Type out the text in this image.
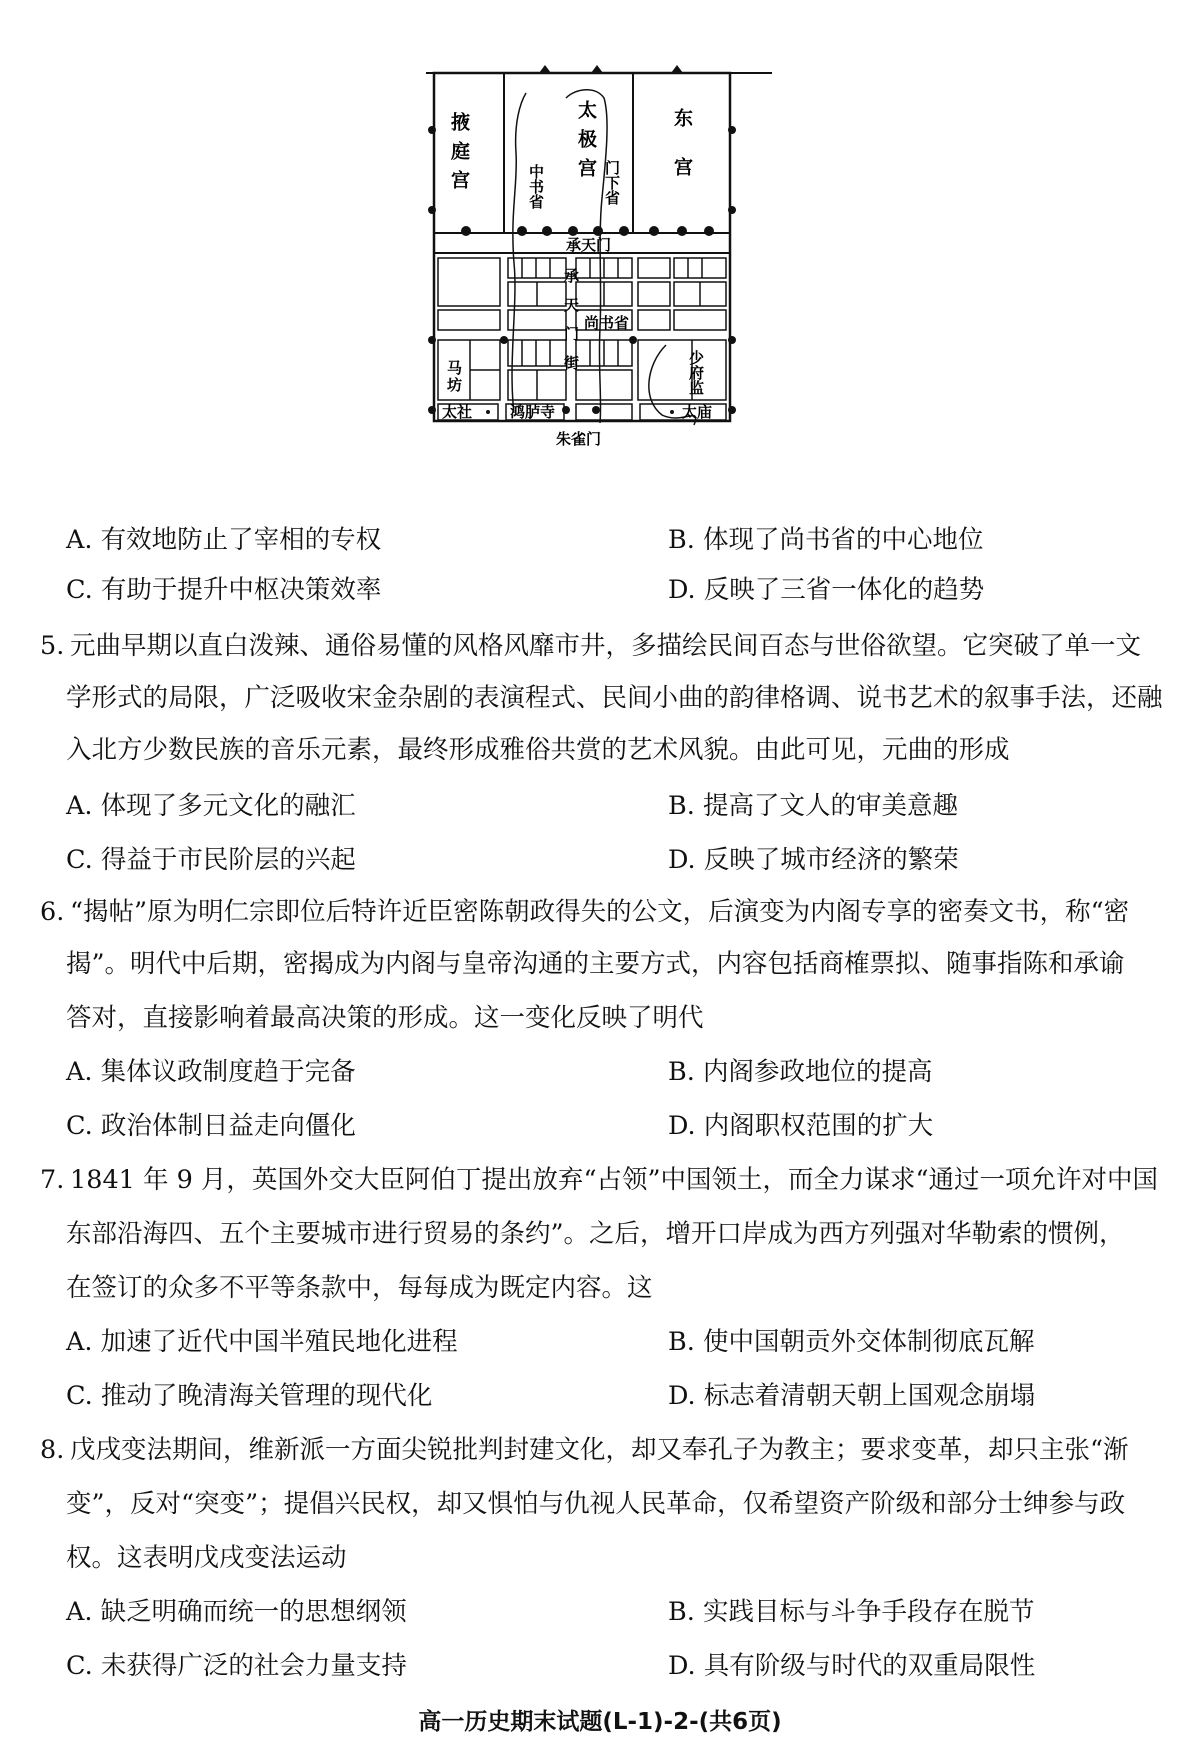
掖庭宫	太极宫	东宫
中书省	门下省
承天门
承天门街 尚书省
马坊	少府监
太社	鸿胪寺	太庙
朱雀门
A. 有效地防止了宰相的专权	B. 体现了尚书省的中心地位
C. 有助于提升中枢决策效率	D. 反映了三省一体化的趋势
5. 元曲早期以直白泼辣、通俗易懂的风格风靡市井，多描绘民间百态与世俗欲望。它突破了单一文
学形式的局限，广泛吸收宋金杂剧的表演程式、民间小曲的韵律格调、说书艺术的叙事手法，还融
入北方少数民族的音乐元素，最终形成雅俗共赏的艺术风貌。由此可见，元曲的形成
A. 体现了多元文化的融汇	B. 提高了文人的审美意趣
C. 得益于市民阶层的兴起	D. 反映了城市经济的繁荣
6. “揭帖”原为明仁宗即位后特许近臣密陈朝政得失的公文，后演变为内阁专享的密奏文书，称“密
揭”。明代中后期，密揭成为内阁与皇帝沟通的主要方式，内容包括商榷票拟、随事指陈和承谕
答对，直接影响着最高决策的形成。这一变化反映了明代
A. 集体议政制度趋于完备	B. 内阁参政地位的提高
C. 政治体制日益走向僵化	D. 内阁职权范围的扩大
7. 1841 年 9 月，英国外交大臣阿伯丁提出放弃“占领”中国领土，而全力谋求“通过一项允许对中国
东部沿海四、五个主要城市进行贸易的条约”。之后，增开口岸成为西方列强对华勒索的惯例，
在签订的众多不平等条款中，每每成为既定内容。这
A. 加速了近代中国半殖民地化进程	B. 使中国朝贡外交体制彻底瓦解
C. 推动了晚清海关管理的现代化	D. 标志着清朝天朝上国观念崩塌
8. 戊戌变法期间，维新派一方面尖锐批判封建文化，却又奉孔子为教主；要求变革，却只主张“渐
变”，反对“突变”；提倡兴民权，却又惧怕与仇视人民革命，仅希望资产阶级和部分士绅参与政
权。这表明戊戌变法运动
A. 缺乏明确而统一的思想纲领	B. 实践目标与斗争手段存在脱节
C. 未获得广泛的社会力量支持	D. 具有阶级与时代的双重局限性
高一历史期末试题(L-1)-2-(共6页)
